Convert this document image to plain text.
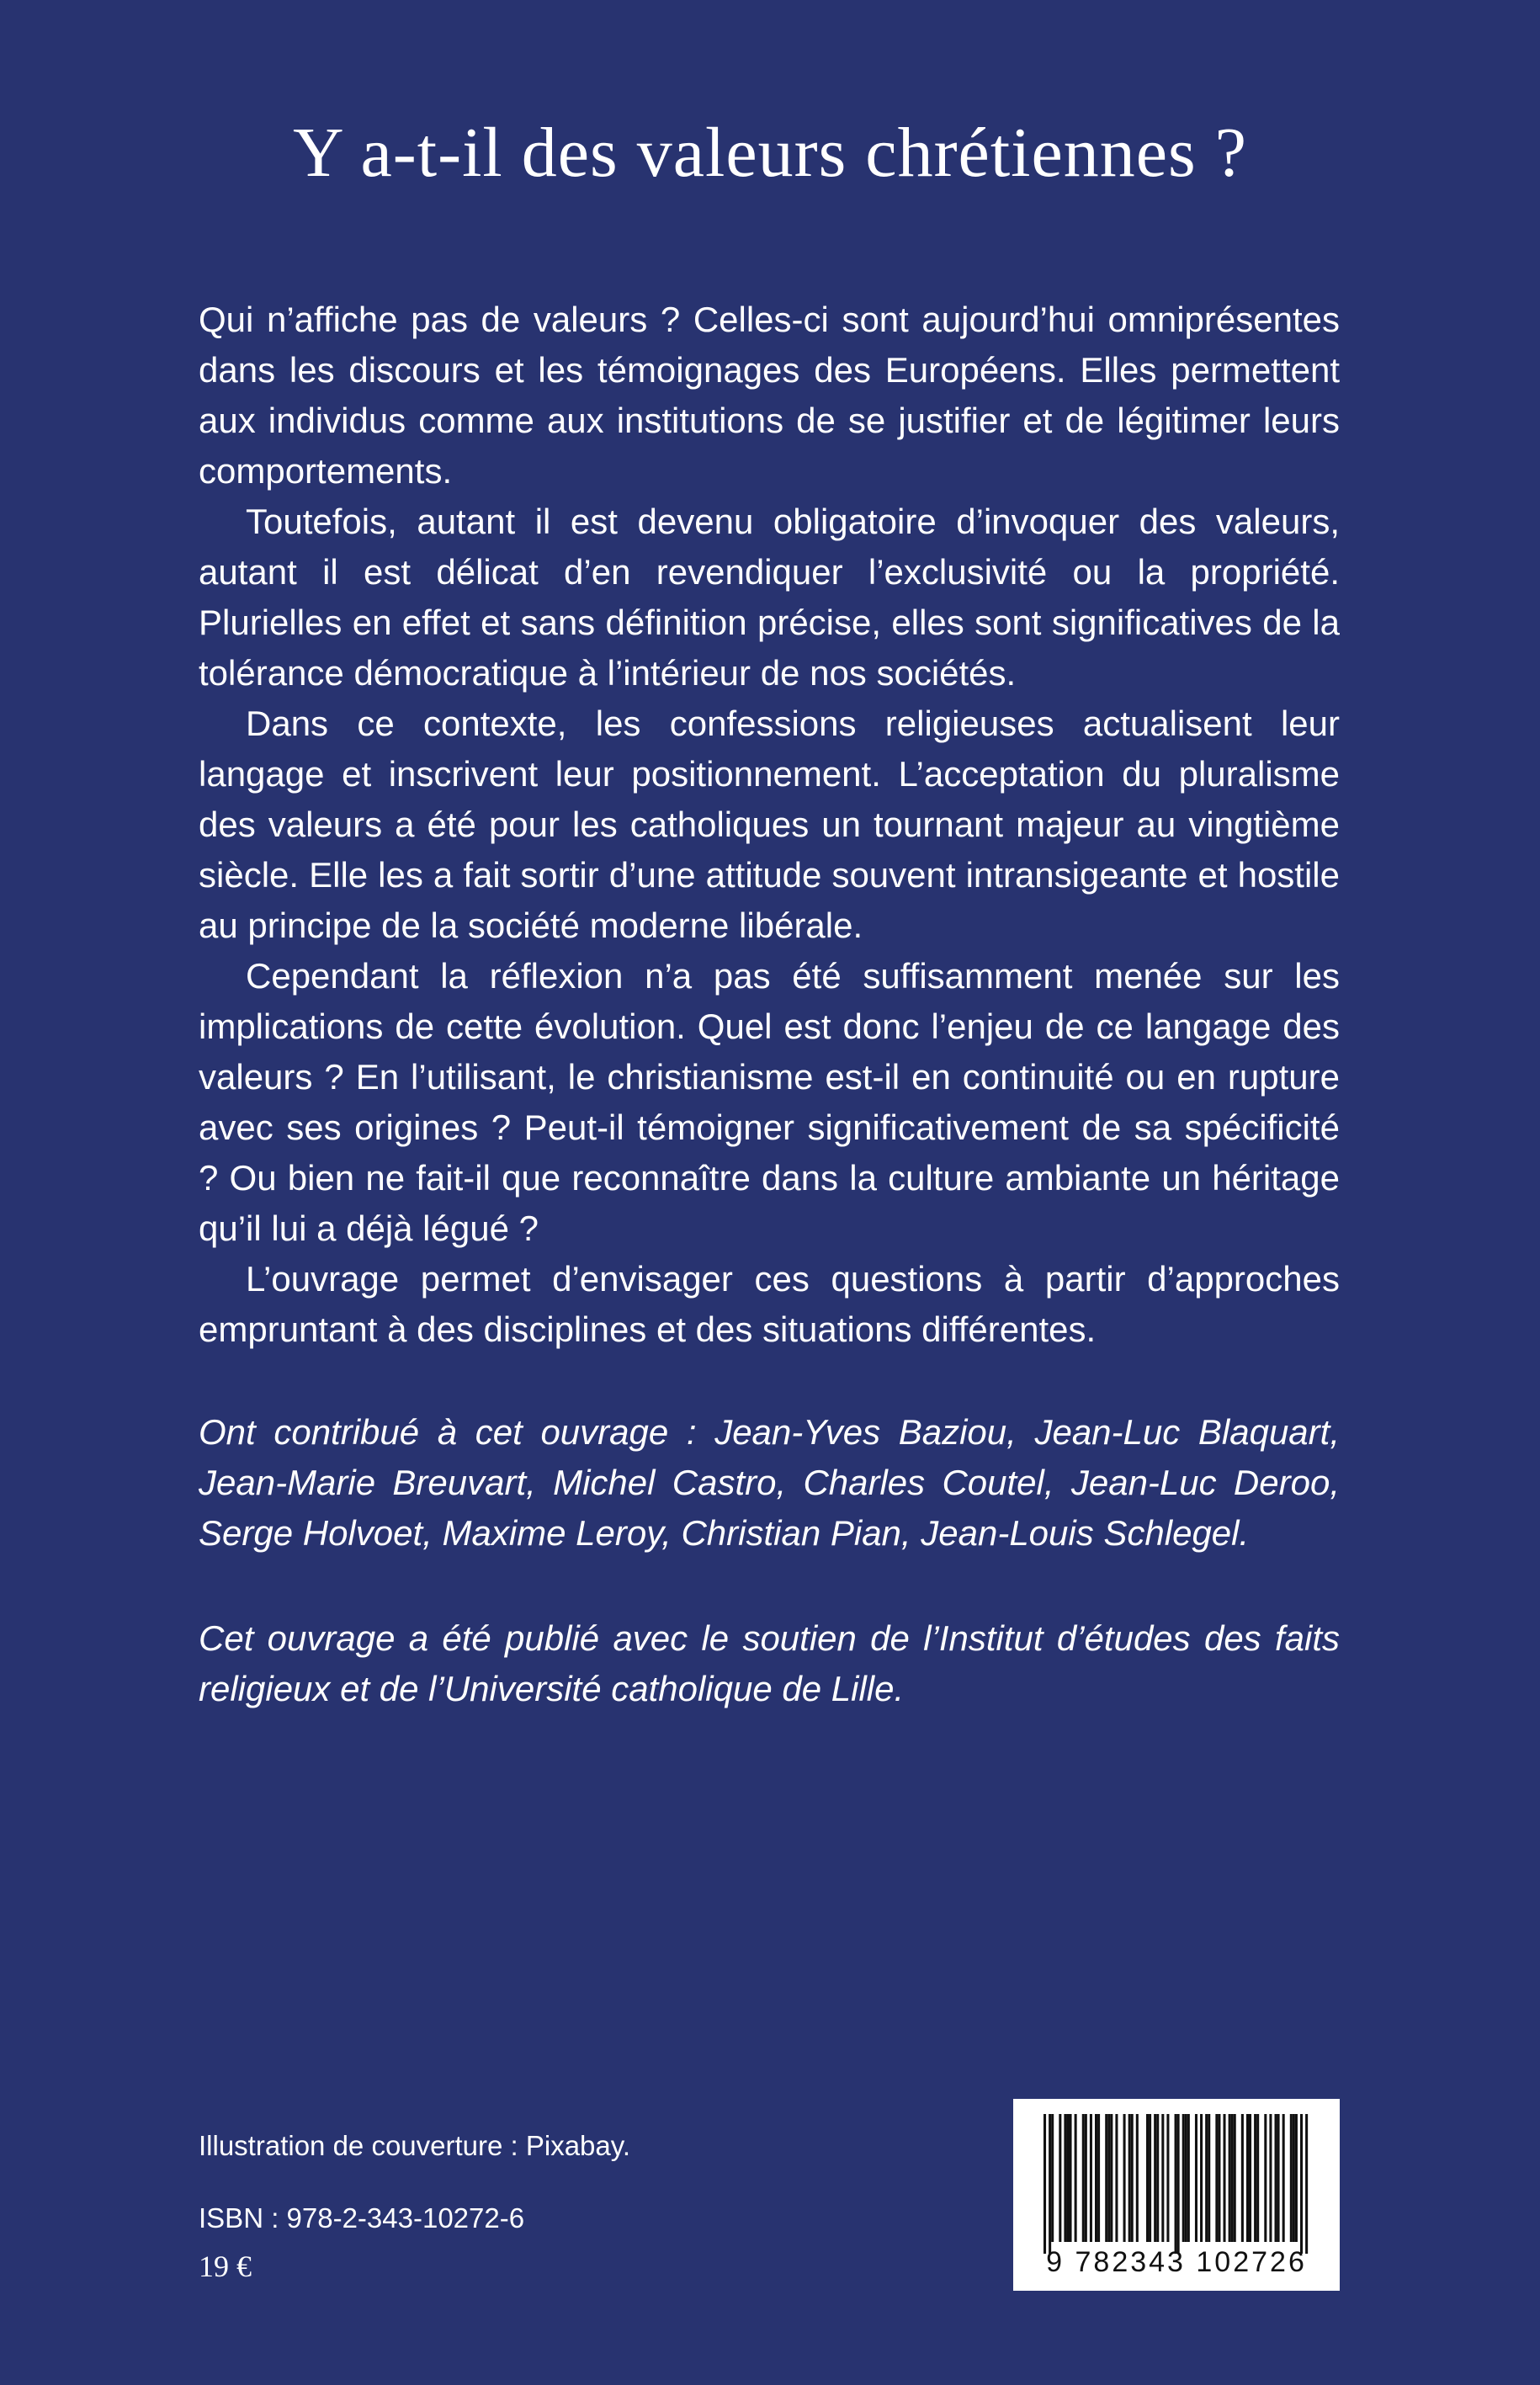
Y a-t-il des valeurs chrétiennes ?

Qui n’affiche pas de valeurs ? Celles-ci sont aujourd’hui omniprésentes dans les discours et les témoignages des Européens. Elles permettent aux individus comme aux institutions de se justifier et de légitimer leurs comportements.

Toutefois, autant il est devenu obligatoire d’invoquer des valeurs, autant il est délicat d’en revendiquer l’exclusivité ou la propriété. Plurielles en effet et sans définition précise, elles sont significatives de la tolérance démocratique à l’intérieur de nos sociétés.

Dans ce contexte, les confessions religieuses actualisent leur langage et inscrivent leur positionnement. L’acceptation du pluralisme des valeurs a été pour les catholiques un tournant majeur au vingtième siècle. Elle les a fait sortir d’une attitude souvent intransigeante et hostile au principe de la société moderne libérale.

Cependant la réflexion n’a pas été suffisamment menée sur les implications de cette évolution. Quel est donc l’enjeu de ce langage des valeurs ? En l’utilisant, le christianisme est-il en continuité ou en rupture avec ses origines ? Peut-il témoigner significativement de sa spécificité ? Ou bien ne fait-il que reconnaître dans la culture ambiante un héritage qu’il lui a déjà légué ?

L’ouvrage permet d’envisager ces questions à partir d’approches empruntant à des disciplines et des situations différentes.

Ont contribué à cet ouvrage : Jean-Yves Baziou, Jean-Luc Blaquart, Jean-Marie Breuvart, Michel Castro, Charles Coutel, Jean-Luc Deroo, Serge Holvoet, Maxime Leroy, Christian Pian, Jean-Louis Schlegel.

Cet ouvrage a été publié avec le soutien de l’Institut d’études des faits religieux et de l’Université catholique de Lille.

Illustration de couverture : Pixabay.
ISBN : 978-2-343-10272-6
19 €	9 782343 102726
